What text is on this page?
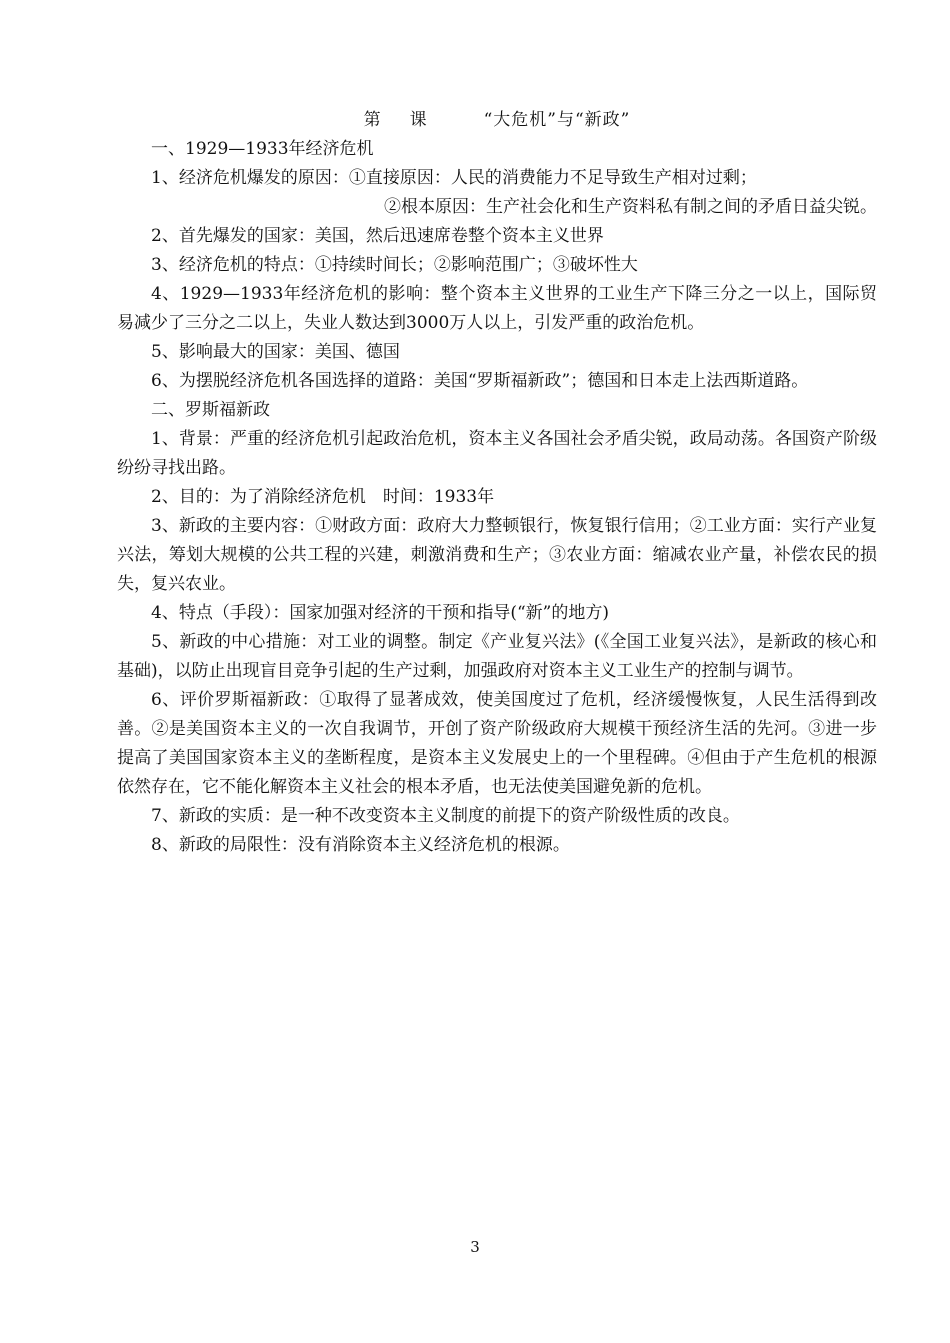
第 课	“大危机”与“新政”

一、1929—1933年经济危机

1、经济危机爆发的原因：①直接原因：人民的消费能力不足导致生产相对过剩；

②根本原因：生产社会化和生产资料私有制之间的矛盾日益尖锐。

2、首先爆发的国家：美国，然后迅速席卷整个资本主义世界

3、经济危机的特点：①持续时间长；②影响范围广；③破坏性大

4、1929—1933年经济危机的影响：整个资本主义世界的工业生产下降三分之一以上，国际贸易减少了三分之二以上，失业人数达到3000万人以上，引发严重的政治危机。

5、影响最大的国家：美国、德国

6、为摆脱经济危机各国选择的道路：美国“罗斯福新政”；德国和日本走上法西斯道路。

二、罗斯福新政

1、背景：严重的经济危机引起政治危机，资本主义各国社会矛盾尖锐，政局动荡。各国资产阶级纷纷寻找出路。

2、目的：为了消除经济危机　时间：1933年

3、新政的主要内容：①财政方面：政府大力整顿银行，恢复银行信用；②工业方面：实行产业复兴法，筹划大规模的公共工程的兴建，刺激消费和生产；③农业方面：缩减农业产量，补偿农民的损失，复兴农业。

4、特点（手段）：国家加强对经济的干预和指导(“新”的地方)

5、新政的中心措施：对工业的调整。制定《产业复兴法》(《全国工业复兴法》，是新政的核心和基础)，以防止出现盲目竞争引起的生产过剩，加强政府对资本主义工业生产的控制与调节。

6、评价罗斯福新政：①取得了显著成效，使美国度过了危机，经济缓慢恢复，人民生活得到改善。②是美国资本主义的一次自我调节，开创了资产阶级政府大规模干预经济生活的先河。③进一步提高了美国国家资本主义的垄断程度，是资本主义发展史上的一个里程碑。④但由于产生危机的根源依然存在，它不能化解资本主义社会的根本矛盾，也无法使美国避免新的危机。

7、新政的实质：是一种不改变资本主义制度的前提下的资产阶级性质的改良。

8、新政的局限性：没有消除资本主义经济危机的根源。

3
